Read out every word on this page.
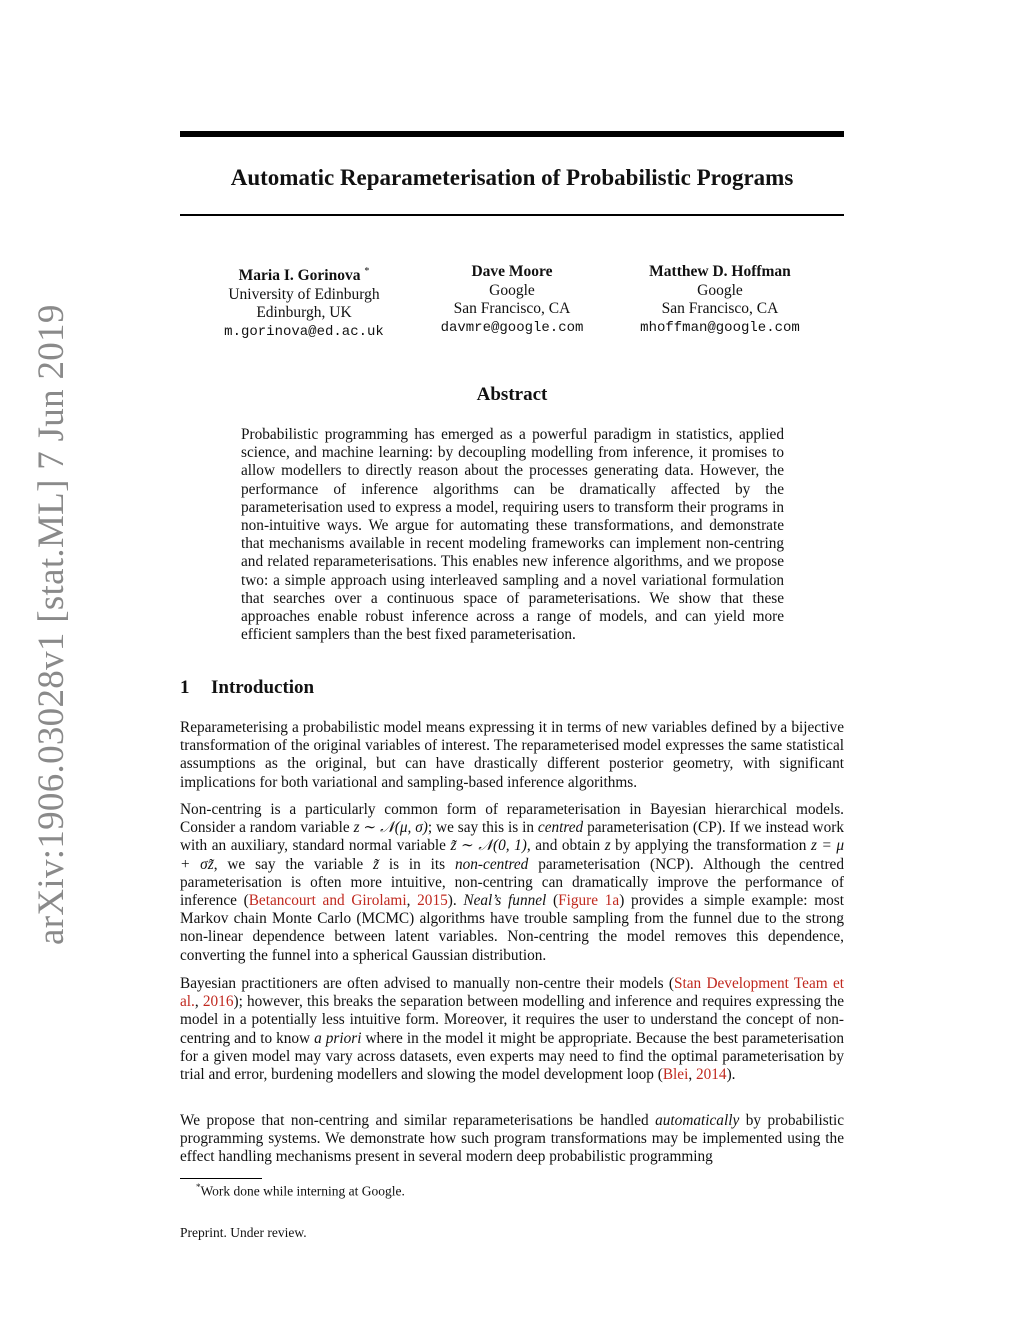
arXiv:1906.03028v1 [stat.ML] 7 Jun 2019
Automatic Reparameterisation of Probabilistic Programs
Maria I. Gorinova *
University of Edinburgh
Edinburgh, UK
m.gorinova@ed.ac.uk
Dave Moore
Google
San Francisco, CA
davmre@google.com
Matthew D. Hoffman
Google
San Francisco, CA
mhoffman@google.com
Abstract
Probabilistic programming has emerged as a powerful paradigm in statistics, applied science, and machine learning: by decoupling modelling from inference, it promises to allow modellers to directly reason about the processes generating data. However, the performance of inference algorithms can be dramatically affected by the parameterisation used to express a model, requiring users to transform their programs in non-intuitive ways. We argue for automating these transformations, and demonstrate that mechanisms available in recent modeling frameworks can implement non-centring and related reparameterisations. This enables new inference algorithms, and we propose two: a simple approach using interleaved sampling and a novel variational formulation that searches over a continuous space of parameterisations. We show that these approaches enable robust inference across a range of models, and can yield more efficient samplers than the best fixed parameterisation.
1 Introduction
Reparameterising a probabilistic model means expressing it in terms of new variables defined by a bijective transformation of the original variables of interest. The reparameterised model expresses the same statistical assumptions as the original, but can have drastically different posterior geometry, with significant implications for both variational and sampling-based inference algorithms.
Non-centring is a particularly common form of reparameterisation in Bayesian hierarchical models. Consider a random variable z ∼ 𝒩(μ, σ); we say this is in centred parameterisation (CP). If we instead work with an auxiliary, standard normal variable z̃ ∼ 𝒩(0, 1), and obtain z by applying the transformation z = μ + σz̃, we say the variable z̃ is in its non-centred parameterisation (NCP). Although the centred parameterisation is often more intuitive, non-centring can dramatically improve the performance of inference (Betancourt and Girolami, 2015). Neal’s funnel (Figure 1a) provides a simple example: most Markov chain Monte Carlo (MCMC) algorithms have trouble sampling from the funnel due to the strong non-linear dependence between latent variables. Non-centring the model removes this dependence, converting the funnel into a spherical Gaussian distribution.
Bayesian practitioners are often advised to manually non-centre their models (Stan Development Team et al., 2016); however, this breaks the separation between modelling and inference and requires expressing the model in a potentially less intuitive form. Moreover, it requires the user to understand the concept of non-centring and to know a priori where in the model it might be appropriate. Because the best parameterisation for a given model may vary across datasets, even experts may need to find the optimal parameterisation by trial and error, burdening modellers and slowing the model development loop (Blei, 2014).
We propose that non-centring and similar reparameterisations be handled automatically by probabilistic programming systems. We demonstrate how such program transformations may be implemented using the effect handling mechanisms present in several modern deep probabilistic programming
*Work done while interning at Google.
Preprint. Under review.
